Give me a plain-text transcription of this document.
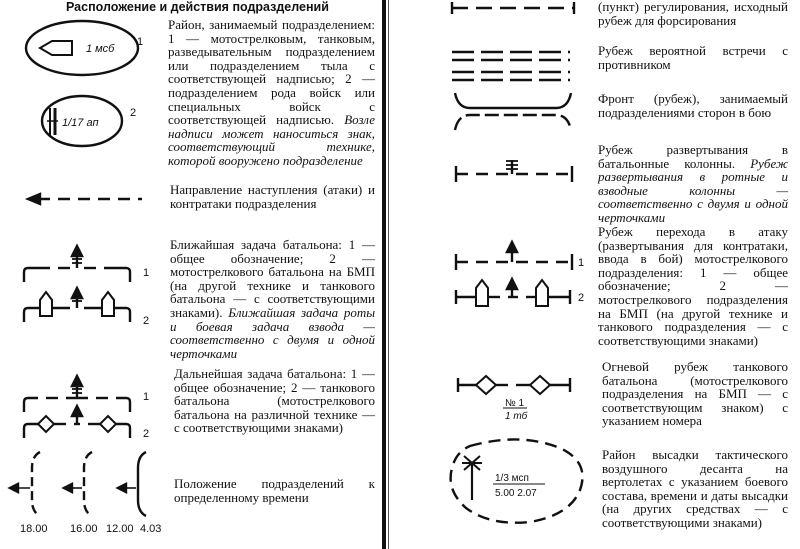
Расположение и действия подразделений
Район, занимаемый подразделением: 1 — мотострелковым, танковым, разведывательным подразделением или подразделением тыла с соответствующей надписью; 2 — подразделением рода войск или специальных войск с соответствующей надписью. Возле надписи может наноситься знак, соответствующий технике, которой вооружено подразделение
Направление наступления (атаки) и контратаки подразделения
Ближайшая задача батальона: 1 — общее обозначение; 2 — мотострелкового батальона на БМП (на другой технике и танкового батальона — с соответствующими знаками). Ближайшая задача роты и боевая задача взвода — соответственно с двумя и одной черточками
Дальнейшая задача батальона: 1 — общее обозначение; 2 — танкового батальона (мотострелкового батальона на различной технике — с соответствующими знаками)
Положение подразделений к определенному времени
(пункт) регулирования, исходный рубеж для форсирования
Рубеж вероятной встречи с противником
Фронт (рубеж), занимаемый подразделениями сторон в бою
Рубеж развертывания в батальонные колонны. Рубеж развертывания в ротные и взводные колонны — соответственно с двумя и одной черточками
Рубеж перехода в атаку (развертывания для контратаки, ввода в бой) мотострелкового подразделения: 1 — общее обозначение; 2 — мотострелкового подразделения на БМП (на другой технике и танкового подразделения — с соответствующими знаками)
Огневой рубеж танкового батальона (мотострелкового подразделения на БМП — с соответствующим знаком) с указанием номера
Район высадки тактического воздушного десанта на вертолетах с указанием боевого состава, времени и даты высадки (на других средствах — с соответствующими знаками)
1 мсб
1
1/17 ап
2
1
2
1
2
18.00 16.00 12.00 4.03
1
2
№ 1
1 тб
1/3 мсп
5.00 2.07
